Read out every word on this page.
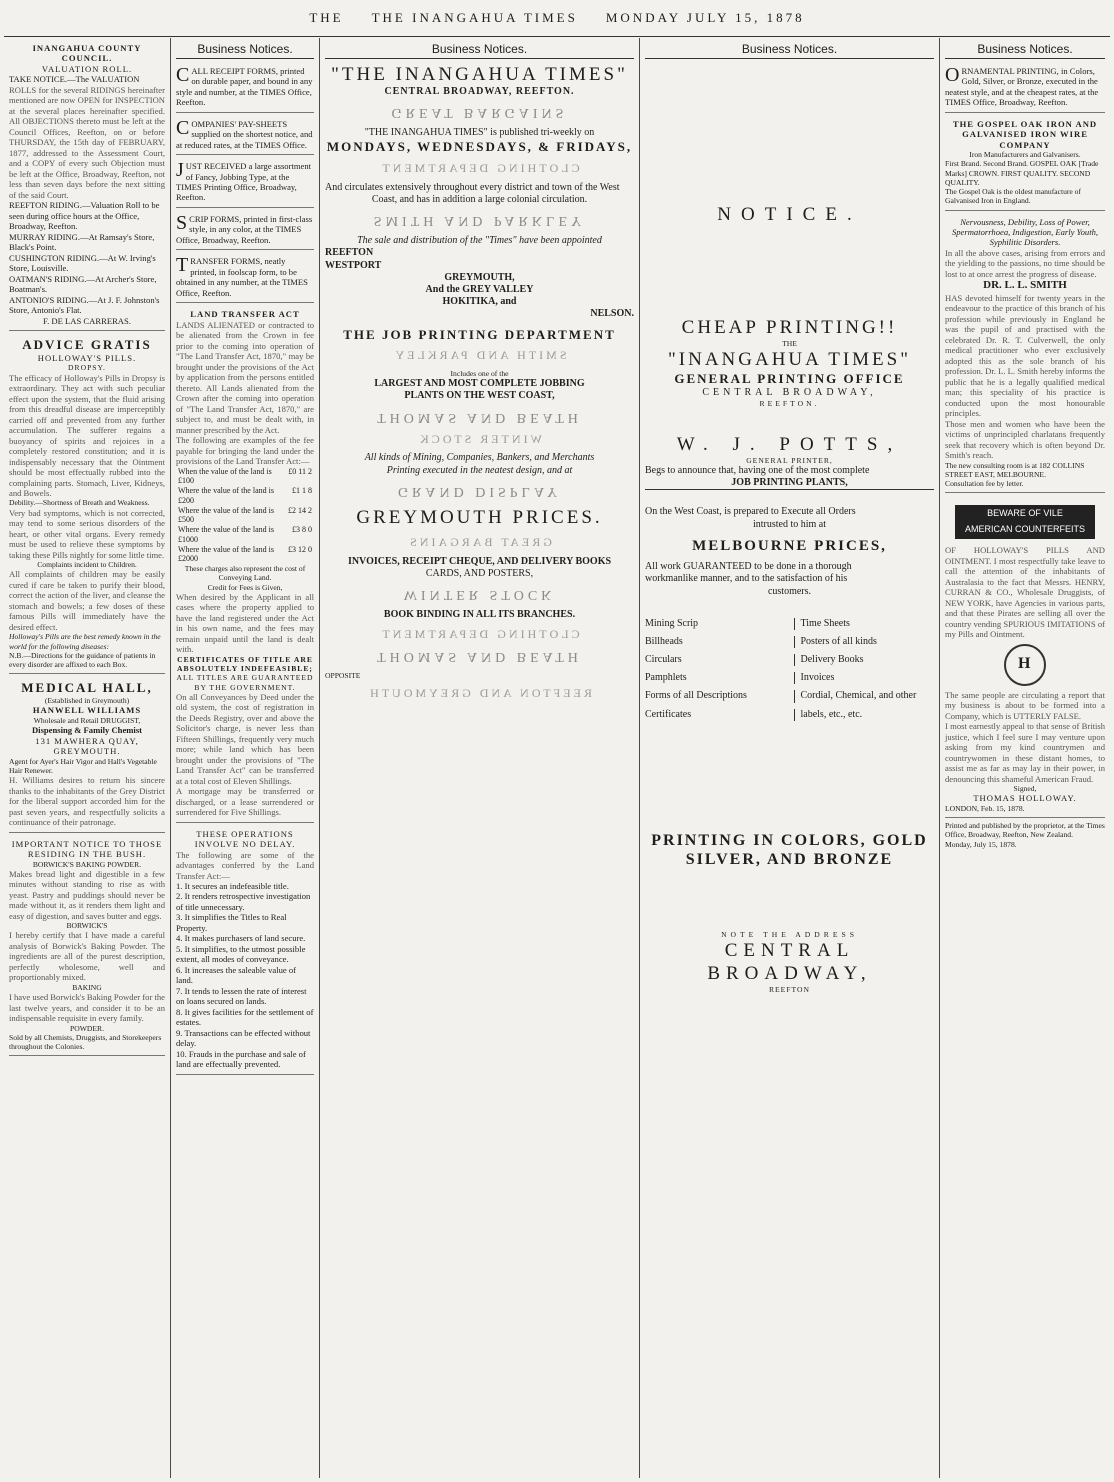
THE THE INANGAHUA TIMES MONDAY JULY 15, 1878
INANGAHUA COUNTY COUNCIL.
VALUATION ROLL.
TAKE NOTICE.—The VALUATION
ROLLS for the several RIDINGS hereinafter mentioned are now OPEN for INSPECTION at the several places hereinafter specified. All OBJECTIONS thereto must be left at the Council Offices, Reefton, on or before THURSDAY, the 15th day of FEBRUARY, 1877, addressed to the Assessment Court, and a COPY of every such Objection must be left at the Office, Broadway, Reefton, not less than seven days before the next sitting of the said Court.
REEFTON RIDING.—Valuation Roll to be seen during office hours at the Office, Broadway, Reefton.
MURRAY RIDING.—At Ramsay's Store, Black's Point.
CUSHINGTON RIDING.—At W. Irving's Store, Louisville.
OATMAN'S RIDING.—At Archer's Store, Boatman's.
ANTONIO'S RIDING.—At J. F. Johnston's Store, Antonio's Flat.
F. DE LAS CARRERAS.
ADVICE GRATIS
HOLLOWAY'S PILLS.
DROPSY.
The efficacy of Holloway's Pills in Dropsy is extraordinary. They act with such peculiar effect upon the system, that the fluid arising from this dreadful disease are imperceptibly carried off and prevented from any further accumulation. The sufferer regains a buoyancy of spirits and rejoices in a completely restored constitution; and it is indispensably necessary that the Ointment should be most effectually rubbed into the complaining parts. Stomach, Liver, Kidneys, and Bowels.
Debility.—Shortness of Breath and Weakness.
Very bad symptoms, which is not corrected, may tend to some serious disorders of the heart, or other vital organs. Every remedy must be used to relieve these symptoms by taking these Pills nightly for some little time.
Complaints incident to Children.
All complaints of children may be easily cured if care be taken to purify their blood, correct the action of the liver, and cleanse the stomach and bowels; a few doses of these famous Pills will immediately have the desired effect.
Holloway's Pills are the best remedy known in the world for the following diseases:
N.B.—Directions for the guidance of patients in every disorder are affixed to each Box.
MEDICAL HALL,
(Established in Greymouth)
HANWELL WILLIAMS
Wholesale and Retail DRUGGIST,
Dispensing & Family Chemist
131 MAWHERA QUAY, GREYMOUTH.
Agent for Ayer's Hair Vigor and Hall's Vegetable Hair Renewer.
H. Williams desires to return his sincere thanks to the inhabitants of the Grey District for the liberal support accorded him for the past seven years, and respectfully solicits a continuance of their patronage.
IMPORTANT NOTICE TO THOSE RESIDING IN THE BUSH.
BORWICK'S BAKING POWDER.
Makes bread light and digestible in a few minutes without standing to rise as with yeast. Pastry and puddings should never be made without it, as it renders them light and easy of digestion, and saves butter and eggs.
BORWICK'S
I hereby certify that I have made a careful analysis of Borwick's Baking Powder. The ingredients are all of the purest description, perfectly wholesome, well and proportionably mixed.
BAKING
I have used Borwick's Baking Powder for the last twelve years, and consider it to be an indispensable requisite in every family.
POWDER.
Sold by all Chemists, Druggists, and Storekeepers throughout the Colonies.
Business Notices.
CALL RECEIPT FORMS, printed on durable paper, and bound in any style and number, at the TIMES Office, Reefton.
COMPANIES' PAY-SHEETS supplied on the shortest notice, and at reduced rates, at the TIMES Office.
JUST RECEIVED a large assortment of Fancy, Jobbing Type, at the TIMES Printing Office, Broadway, Reefton.
SCRIP FORMS, printed in first-class style, in any color, at the TIMES Office, Broadway, Reefton.
TRANSFER FORMS, neatly printed, in foolscap form, to be obtained in any number, at the TIMES Office, Reefton.
LAND TRANSFER ACT
LANDS ALIENATED or contracted to be alienated from the Crown in fee prior to the coming into operation of "The Land Transfer Act, 1870," may be brought under the provisions of the Act by application from the persons entitled thereto. All Lands alienated from the Crown after the coming into operation of "The Land Transfer Act, 1870," are subject to, and must be dealt with, in manner prescribed by the Act.
The following are examples of the fee payable for bringing the land under the provisions of the Land Transfer Act:—
When the value of the land is £100	£0 11 2
Where the value of the land is £200	£1 1 8
Where the value of the land is £500	£2 14 2
Where the value of the land is £1000	£3 8 0
Where the value of the land is £2000	£3 12 0
These charges also represent the cost of Conveying Land.
Credit for Fees is Given,
When desired by the Applicant in all cases where the property applied to have the land registered under the Act in his own name, and the fees may remain unpaid until the land is dealt with.
CERTIFICATES OF TITLE ARE ABSOLUTELY INDEFEASIBLE;
ALL TITLES ARE GUARANTEED BY THE GOVERNMENT.
On all Conveyances by Deed under the old system, the cost of registration in the Deeds Registry, over and above the Solicitor's charge, is never less than Fifteen Shillings, frequently very much more; while land which has been brought under the provisions of "The Land Transfer Act" can be transferred at a total cost of Eleven Shillings.
A mortgage may be transferred or discharged, or a lease surrendered or surrendered for Five Shillings.
THESE OPERATIONS INVOLVE NO DELAY.
The following are some of the advantages conferred by the Land Transfer Act:—
1. It secures an indefeasible title.
2. It renders retrospective investigation of title unnecessary.
3. It simplifies the Titles to Real Property.
4. It makes purchasers of land secure.
5. It simplifies, to the utmost possible extent, all modes of conveyance.
6. It increases the saleable value of land.
7. It tends to lessen the rate of interest on loans secured on lands.
8. It gives facilities for the settlement of estates.
9. Transactions can be effected without delay.
10. Frauds in the purchase and sale of land are effectually prevented.
Business Notices.
"THE INANGAHUA TIMES"
CENTRAL BROADWAY, REEFTON.
GREAT BARGAINS
"THE INANGAHUA TIMES" is published tri-weekly on
MONDAYS, WEDNESDAYS, & FRIDAYS,
CLOTHING DEPARTMENT
And circulates extensively throughout every district and town of the West
Coast, and has in addition a large colonial circulation.
SMITH AND PARKLEY
The sale and distribution of the "Times" have been appointed
REEFTON
WESTPORT
GREYMOUTH,
And the GREY VALLEY
HOKITIKA, and
NELSON.
THE JOB PRINTING DEPARTMENT
SMITH AND PARKLEY
Includes one of the
LARGEST AND MOST COMPLETE JOBBING
PLANTS ON THE WEST COAST,
THOMAS AND BEATH
WINTER STOCK
All kinds of Mining, Companies, Bankers, and Merchants
Printing executed in the neatest design, and at
GRAND DISPLAY
GREYMOUTH PRICES.
GREAT BARGAINS
INVOICES, RECEIPT CHEQUE, AND DELIVERY BOOKS
CARDS, AND POSTERS,
WINTER STOCK
BOOK BINDING IN ALL ITS BRANCHES.
CLOTHING DEPARTMENT
THOMAS AND BEATH
OPPOSITE
REEFTON AND GREYMOUTH
Business Notices.
NOTICE.
CHEAP PRINTING!!
THE
"INANGAHUA TIMES"
GENERAL PRINTING OFFICE
CENTRAL BROADWAY,
REEFTON.
W. J. POTTS,
GENERAL PRINTER,
Begs to announce that, having one of the most complete
JOB PRINTING PLANTS,
On the West Coast, is prepared to Execute all Orders
intrusted to him at
MELBOURNE PRICES,
All work GUARANTEED to be done in a thorough
workmanlike manner, and to the satisfaction of his
customers.
Mining Scrip	Time Sheets
Billheads	Posters of all kinds
Circulars	Delivery Books
Pamphlets	Invoices
Forms of all Descriptions	Cordial, Chemical, and other
Certificates	labels, etc., etc.
PRINTING IN COLORS, GOLD
SILVER, AND BRONZE
NOTE THE ADDRESS
CENTRAL BROADWAY,
REEFTON
Business Notices.
ORNAMENTAL PRINTING, in Colors, Gold, Silver, or Bronze, executed in the neatest style, and at the cheapest rates, at the TIMES Office, Broadway, Reefton.
THE GOSPEL OAK IRON AND GALVANISED IRON WIRE COMPANY
Iron Manufacturers and Galvanisers.
First Brand. Second Brand. GOSPEL OAK [Trade Marks] CROWN. FIRST QUALITY. SECOND QUALITY.
The Gospel Oak is the oldest manufacture of Galvanised Iron in England.
Nervousness, Debility, Loss of Power, Spermatorrhoea, Indigestion, Early Youth, Syphilitic Disorders.
In all the above cases, arising from errors and the yielding to the passions, no time should be lost to at once arrest the progress of disease.
DR. L. L. SMITH
HAS devoted himself for twenty years in the endeavour to the practice of this branch of his profession while previously in England he was the pupil of and practised with the celebrated Dr. R. T. Culverwell, the only medical practitioner who ever exclusively adopted this as the sole branch of his profession. Dr. L. L. Smith hereby informs the public that he is a legally qualified medical man; this speciality of his practice is conducted upon the most honourable principles.
Those men and women who have been the victims of unprincipled charlatans frequently seek that recovery which is often beyond Dr. Smith's reach.
The new consulting room is at 182 COLLINS STREET EAST, MELBOURNE.
Consultation fee by letter.
BEWARE OF VILE
AMERICAN COUNTERFEITS
OF HOLLOWAY'S PILLS AND OINTMENT. I most respectfully take leave to call the attention of the inhabitants of Australasia to the fact that Messrs. HENRY, CURRAN & CO., Wholesale Druggists, of NEW YORK, have Agencies in various parts, and that these Pirates are selling all over the country vending SPURIOUS IMITATIONS of my Pills and Ointment.
H
The same people are circulating a report that my business is about to be formed into a Company, which is UTTERLY FALSE.
I most earnestly appeal to that sense of British justice, which I feel sure I may venture upon asking from my kind countrymen and countrywomen in these distant homes, to assist me as far as may lay in their power, in denouncing this shameful American Fraud.
Signed,
THOMAS HOLLOWAY.
LONDON, Feb. 15, 1878.
Printed and published by the proprietor, at the Times Office, Broadway, Reefton, New Zealand.
Monday, July 15, 1878.
